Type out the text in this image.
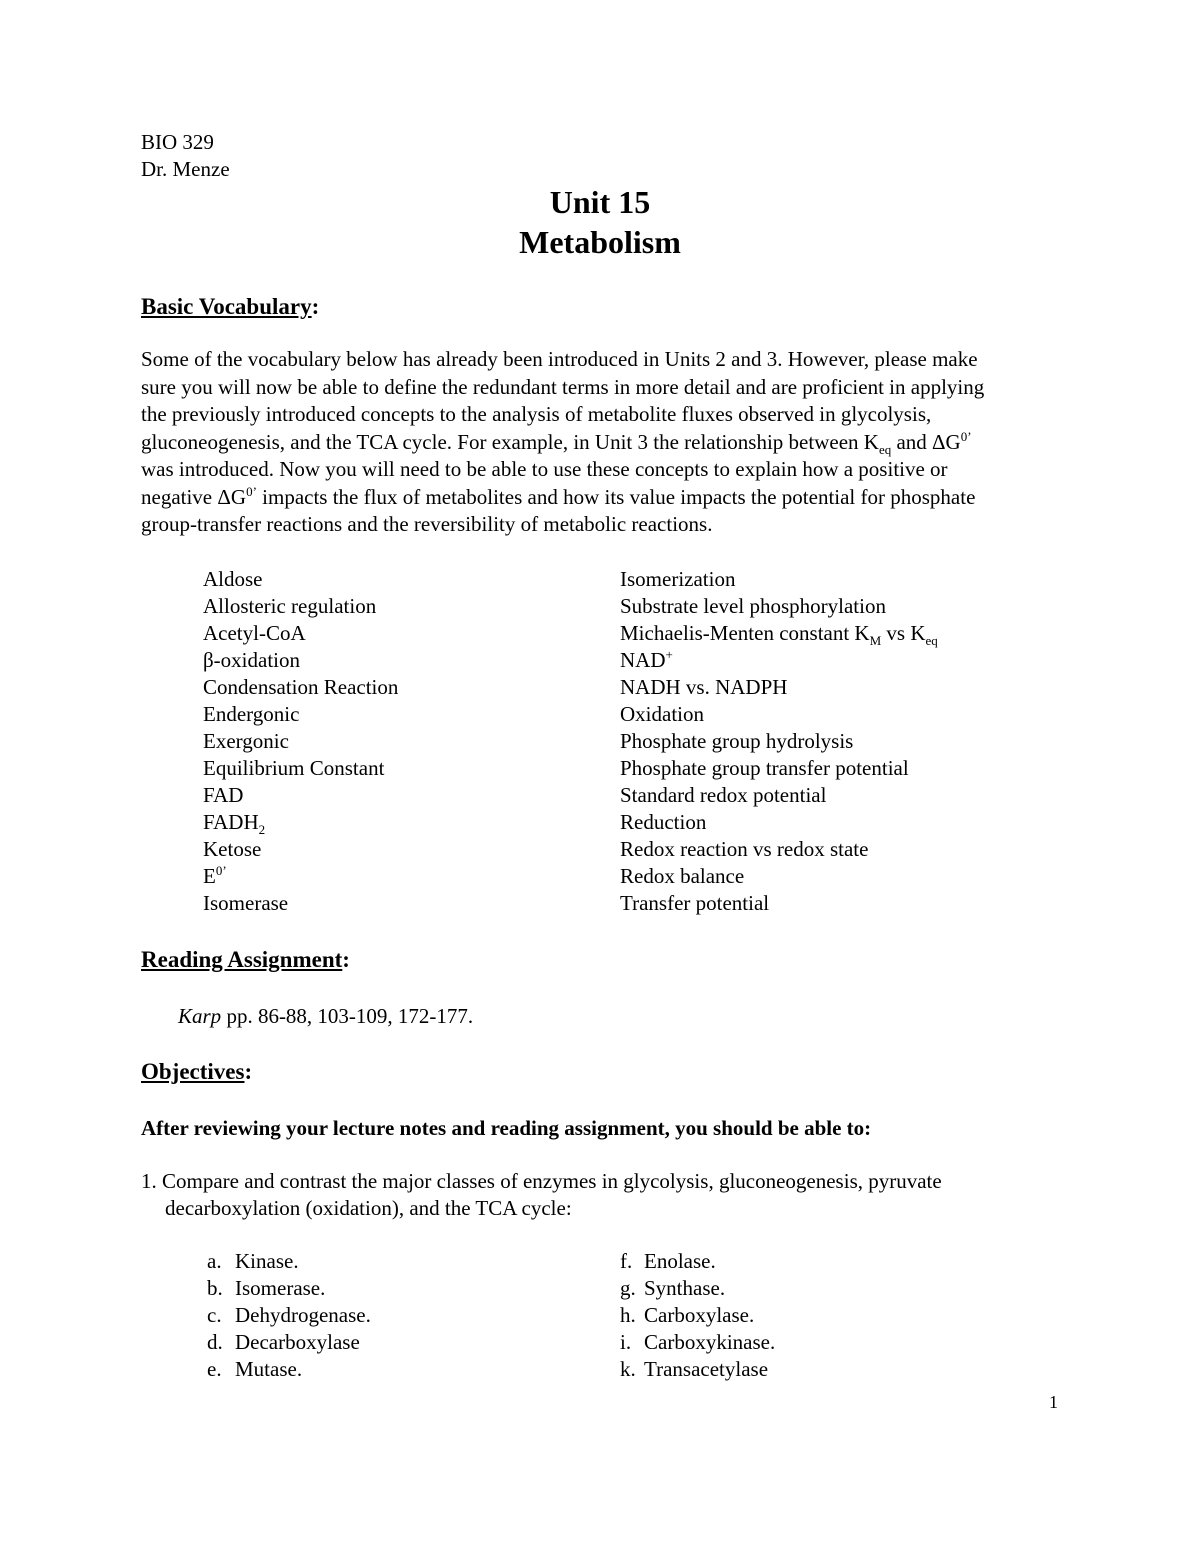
BIO 329
Dr. Menze
Unit 15
Metabolism
Basic Vocabulary:
Some of the vocabulary below has already been introduced in Units 2 and 3. However, please make
sure you will now be able to define the redundant terms in more detail and are proficient in applying
the previously introduced concepts to the analysis of metabolite fluxes observed in glycolysis,
gluconeogenesis, and the TCA cycle. For example, in Unit 3 the relationship between $K_{eq}$ and $\Delta G^{0’}$
was introduced. Now you will need to be able to use these concepts to explain how a positive or
negative $\Delta G^{0’}$ impacts the flux of metabolites and how its value impacts the potential for phosphate
group-transfer reactions and the reversibility of metabolic reactions.
Aldose
Allosteric regulation
Acetyl-CoA
β-oxidation
Condensation Reaction
Endergonic
Exergonic
Equilibrium Constant
FAD
$FADH_2$
Ketose
$E^{0’}$
Isomerase
Isomerization
Substrate level phosphorylation
Michaelis-Menten constant $K_M$ vs $K_{eq}$
NAD+
NADH vs. NADPH
Oxidation
Phosphate group hydrolysis
Phosphate group transfer potential
Standard redox potential
Reduction
Redox reaction vs redox state
Redox balance
Transfer potential
Reading Assignment:
Karp pp. 86-88, 103-109, 172-177.
Objectives:
After reviewing your lecture notes and reading assignment, you should be able to:
1. Compare and contrast the major classes of enzymes in glycolysis, gluconeogenesis, pyruvate
decarboxylation (oxidation), and the TCA cycle:
a. Kinase.
b. Isomerase.
c. Dehydrogenase.
d. Decarboxylase
e. Mutase.
f. Enolase.
g. Synthase.
h. Carboxylase.
i. Carboxykinase.
k. Transacetylase
1
